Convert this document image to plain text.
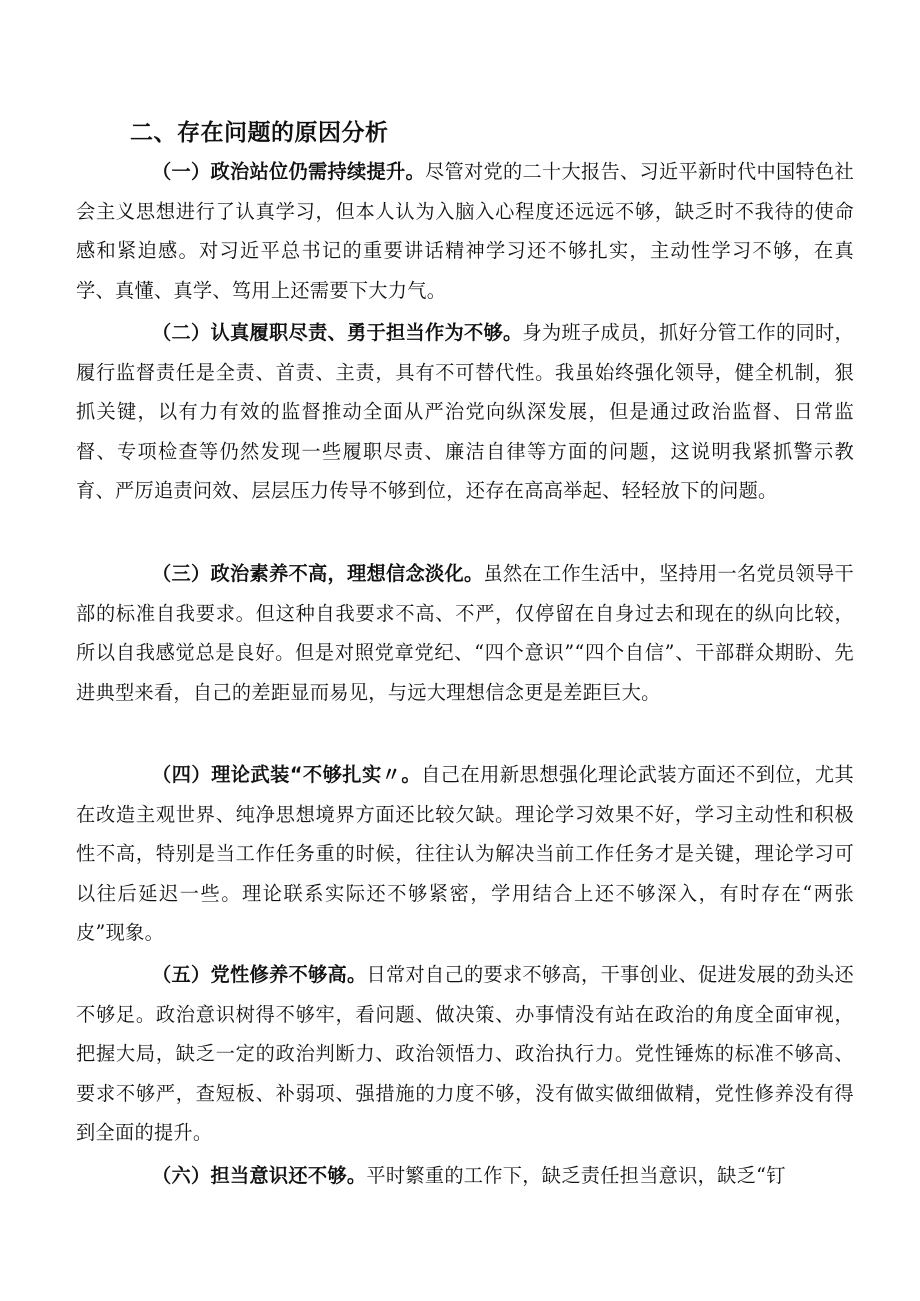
二、存在问题的原因分析

（一）政治站位仍需持续提升。尽管对党的二十大报告、习近平新时代中国特色社会主义思想进行了认真学习，但本人认为入脑入心程度还远远不够，缺乏时不我待的使命感和紧迫感。对习近平总书记的重要讲话精神学习还不够扎实，主动性学习不够，在真学、真懂、真学、笃用上还需要下大力气。

（二）认真履职尽责、勇于担当作为不够。身为班子成员，抓好分管工作的同时，履行监督责任是全责、首责、主责，具有不可替代性。我虽始终强化领导，健全机制，狠抓关键，以有力有效的监督推动全面从严治党向纵深发展，但是通过政治监督、日常监督、专项检查等仍然发现一些履职尽责、廉洁自律等方面的问题，这说明我紧抓警示教育、严厉追责问效、层层压力传导不够到位，还存在高高举起、轻轻放下的问题。

（三）政治素养不高，理想信念淡化。虽然在工作生活中，坚持用一名党员领导干部的标准自我要求。但这种自我要求不高、不严，仅停留在自身过去和现在的纵向比较，所以自我感觉总是良好。但是对照党章党纪、“四个意识”“四个自信”、干部群众期盼、先进典型来看，自己的差距显而易见，与远大理想信念更是差距巨大。

（四）理论武装“不够扎实〃。自己在用新思想强化理论武装方面还不到位，尤其在改造主观世界、纯净思想境界方面还比较欠缺。理论学习效果不好，学习主动性和积极性不高，特别是当工作任务重的时候，往往认为解决当前工作任务才是关键，理论学习可以往后延迟一些。理论联系实际还不够紧密，学用结合上还不够深入，有时存在“两张皮”现象。

（五）党性修养不够高。日常对自己的要求不够高，干事创业、促进发展的劲头还不够足。政治意识树得不够牢，看问题、做决策、办事情没有站在政治的角度全面审视，把握大局，缺乏一定的政治判断力、政治领悟力、政治执行力。党性锤炼的标准不够高、要求不够严，查短板、补弱项、强措施的力度不够，没有做实做细做精，党性修养没有得到全面的提升。

（六）担当意识还不够。平时繁重的工作下，缺乏责任担当意识，缺乏“钉
